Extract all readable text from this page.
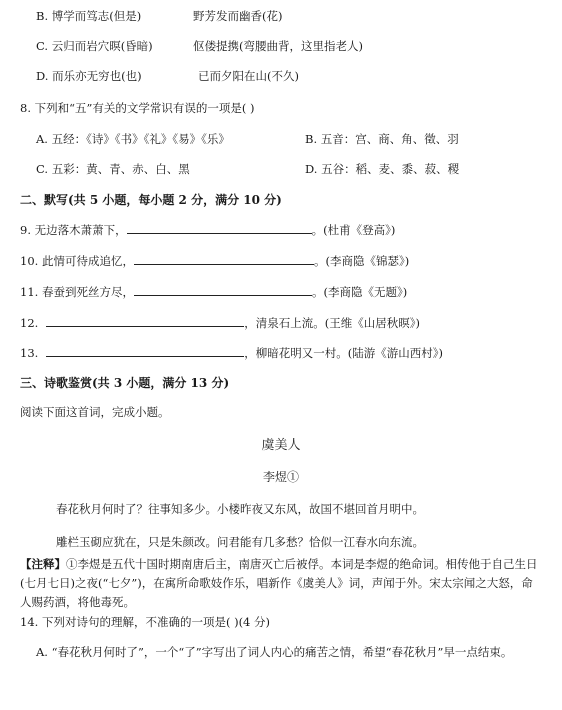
B. 博学而笃志(但是)	野芳发而幽香(花)
C. 云归而岩穴暝(昏暗)	伛偻提携(弯腰曲背，这里指老人)
D. 而乐亦无穷也(也)	已而夕阳在山(不久)
8. 下列和“五”有关的文学常识有误的一项是( )
A. 五经：《诗》《书》《礼》《易》《乐》	B. 五音：宫、商、角、徵、羽
C. 五彩：黄、青、赤、白、黑	D. 五谷：稻、麦、黍、菽、稷
二、默写(共 5 小题，每小题 2 分，满分 10 分)
9. 无边落木萧萧下，	。(杜甫《登高》)
10. 此情可待成追忆，	。(李商隐《锦瑟》)
11. 春蚕到死丝方尽，	。(李商隐《无题》)
12.	，清泉石上流。(王维《山居秋暝》)
13.	，柳暗花明又一村。(陆游《游山西村》)
三、诗歌鉴赏(共 3 小题，满分 13 分)
阅读下面这首词，完成小题。
虞美人
李煜①
春花秋月何时了？往事知多少。小楼昨夜又东风，故国不堪回首月明中。
雕栏玉砌应犹在，只是朱颜改。问君能有几多愁？恰似一江春水向东流。
【注释】①李煜是五代十国时期南唐后主，南唐灭亡后被俘。本词是李煜的绝命词。相传他于自己生日(七月七日)之夜(“七夕”)，在寓所命歌妓作乐，唱新作《虞美人》词，声闻于外。宋太宗闻之大怒，命人赐药酒，将他毒死。
14. 下列对诗句的理解，不准确的一项是( )(4 分)
A. “春花秋月何时了”，一个“了”字写出了词人内心的痛苦之情，希望“春花秋月”早一点结束。
